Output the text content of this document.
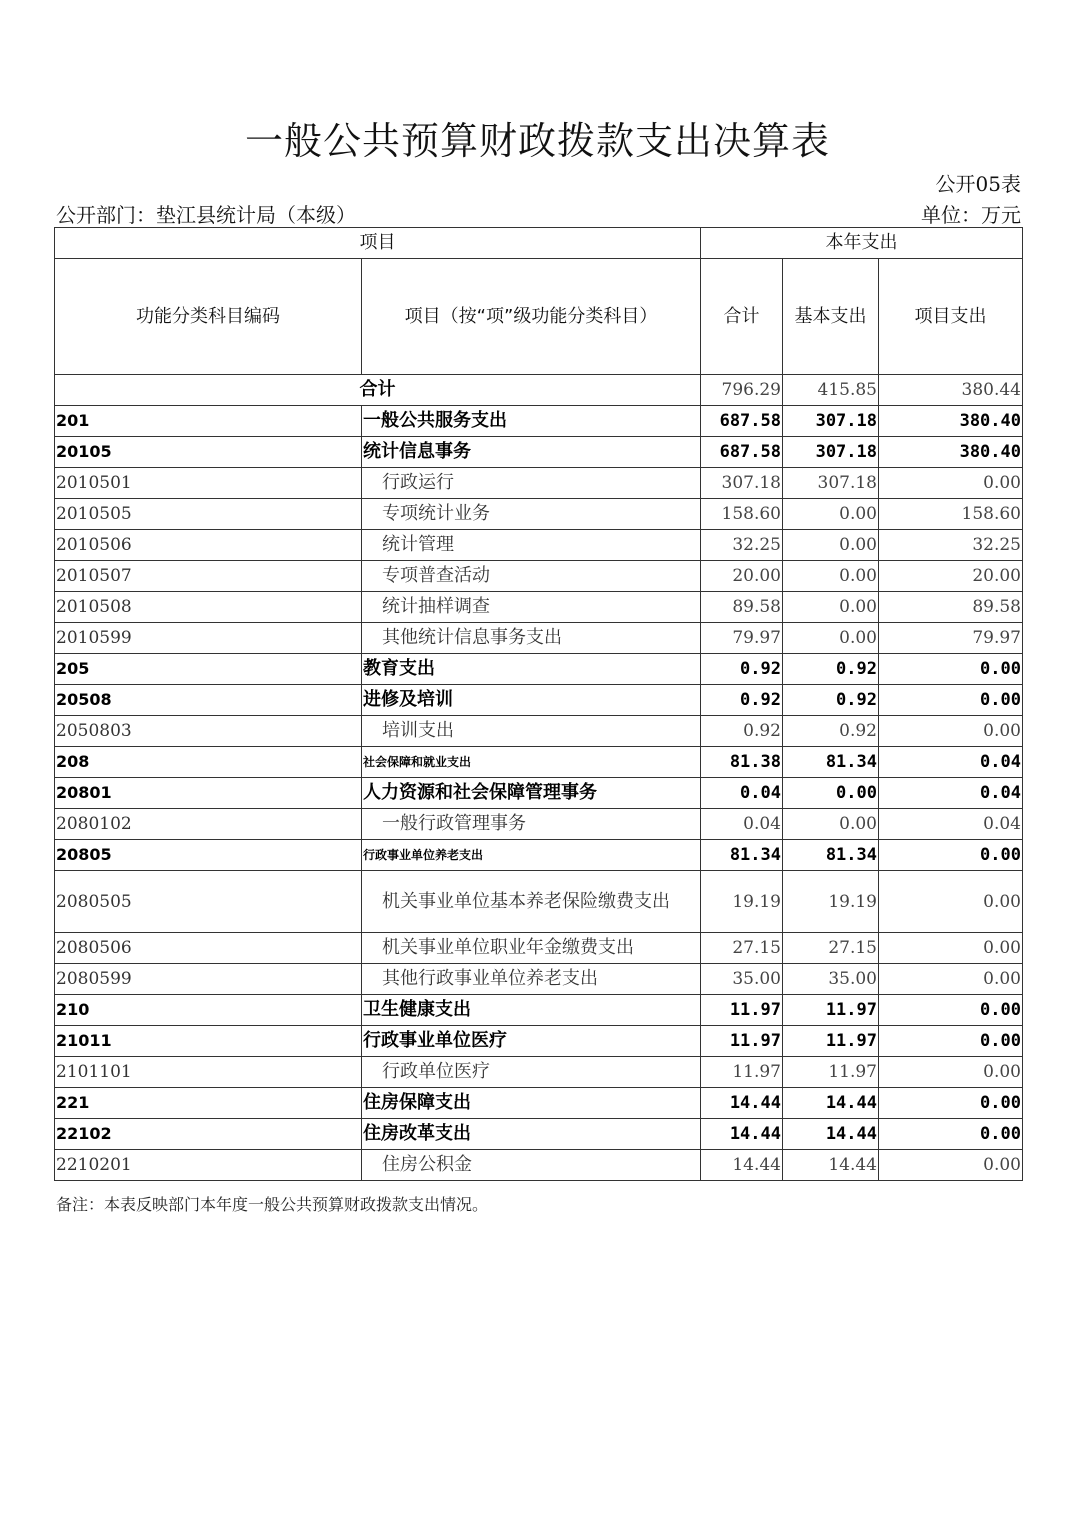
一般公共预算财政拨款支出决算表
公开05表
公开部门：垫江县统计局（本级）	单位：万元
项目		本年支出		
功能分类科目编码	项目（按“项”级功能分类科目）	合计	基本支出	项目支出
合计		796.29	415.85	380.44
201	一般公共服务支出	687.58	307.18	380.40
20105	统计信息事务	687.58	307.18	380.40
2010501	行政运行	307.18	307.18	0.00
2010505	专项统计业务	158.60	0.00	158.60
2010506	统计管理	32.25	0.00	32.25
2010507	专项普查活动	20.00	0.00	20.00
2010508	统计抽样调查	89.58	0.00	89.58
2010599	其他统计信息事务支出	79.97	0.00	79.97
205	教育支出	0.92	0.92	0.00
20508	进修及培训	0.92	0.92	0.00
2050803	培训支出	0.92	0.92	0.00
208	社会保障和就业支出	81.38	81.34	0.04
20801	人力资源和社会保障管理事务	0.04	0.00	0.04
2080102	一般行政管理事务	0.04	0.00	0.04
20805	行政事业单位养老支出	81.34	81.34	0.00
2080505	机关事业单位基本养老保险缴费支出	19.19	19.19	0.00
2080506	机关事业单位职业年金缴费支出	27.15	27.15	0.00
2080599	其他行政事业单位养老支出	35.00	35.00	0.00
210	卫生健康支出	11.97	11.97	0.00
21011	行政事业单位医疗	11.97	11.97	0.00
2101101	行政单位医疗	11.97	11.97	0.00
221	住房保障支出	14.44	14.44	0.00
22102	住房改革支出	14.44	14.44	0.00
2210201	住房公积金	14.44	14.44	0.00
备注：本表反映部门本年度一般公共预算财政拨款支出情况。
